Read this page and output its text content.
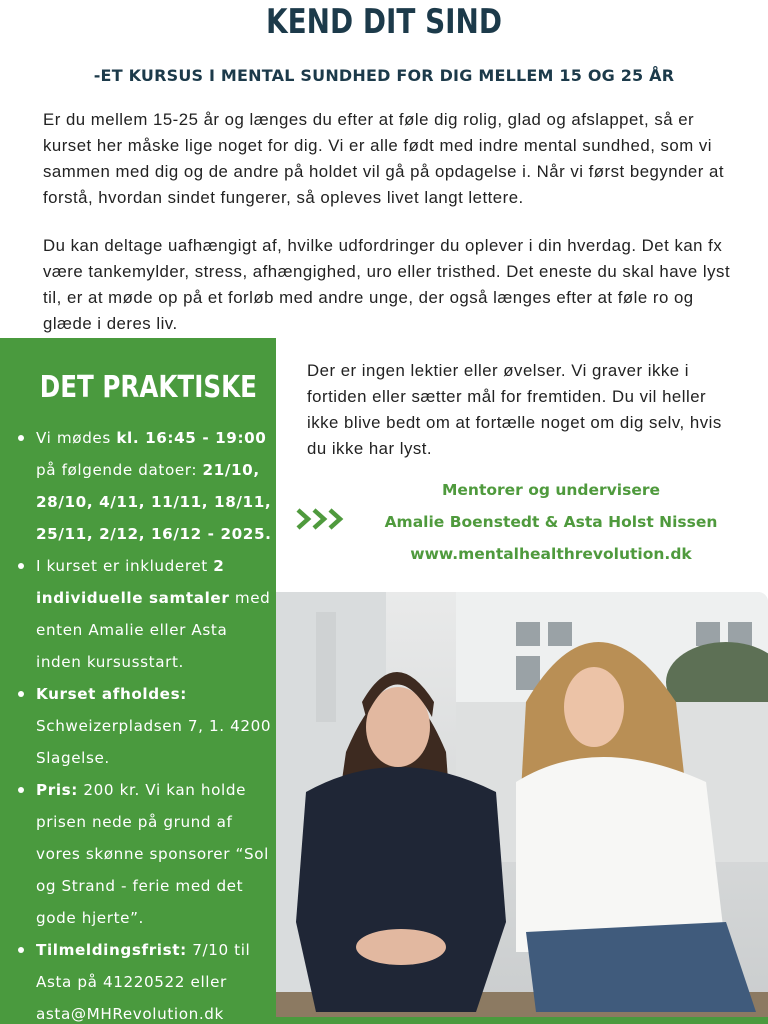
KEND DIT SIND
-ET KURSUS I MENTAL SUNDHED FOR DIG MELLEM 15 OG 25 ÅR

Er du mellem 15-25 år og længes du efter at føle dig rolig, glad og afslappet, så er kurset her måske lige noget for dig. Vi er alle født med indre mental sundhed, som vi sammen med dig og de andre på holdet vil gå på opdagelse i. Når vi først begynder at forstå, hvordan sindet fungerer, så opleves livet langt lettere.

Du kan deltage uafhængigt af, hvilke udfordringer du oplever i din hverdag. Det kan fx være tankemylder, stress, afhængighed, uro eller tristhed. Det eneste du skal have lyst til, er at møde op på et forløb med andre unge, der også længes efter at føle ro og glæde i deres liv.

DET PRAKTISKE
Vi mødes kl. 16:45 - 19:00 på følgende datoer: 21/10, 28/10, 4/11, 11/11, 18/11, 25/11, 2/12, 16/12 - 2025.
I kurset er inkluderet 2 individuelle samtaler med enten Amalie eller Asta inden kursusstart.
Kurset afholdes: Schweizerpladsen 7, 1. 4200 Slagelse.
Pris: 200 kr. Vi kan holde prisen nede på grund af vores skønne sponsorer “Sol og Strand - ferie med det gode hjerte”.
Tilmeldingsfrist: 7/10 til Asta på 41220522 eller asta@MHRevolution.dk

Der er ingen lektier eller øvelser. Vi graver ikke i fortiden eller sætter mål for fremtiden. Du vil heller ikke blive bedt om at fortælle noget om dig selv, hvis du ikke har lyst.

Mentorer og undervisere
Amalie Boenstedt & Asta Holst Nissen
www.mentalhealthrevolution.dk
